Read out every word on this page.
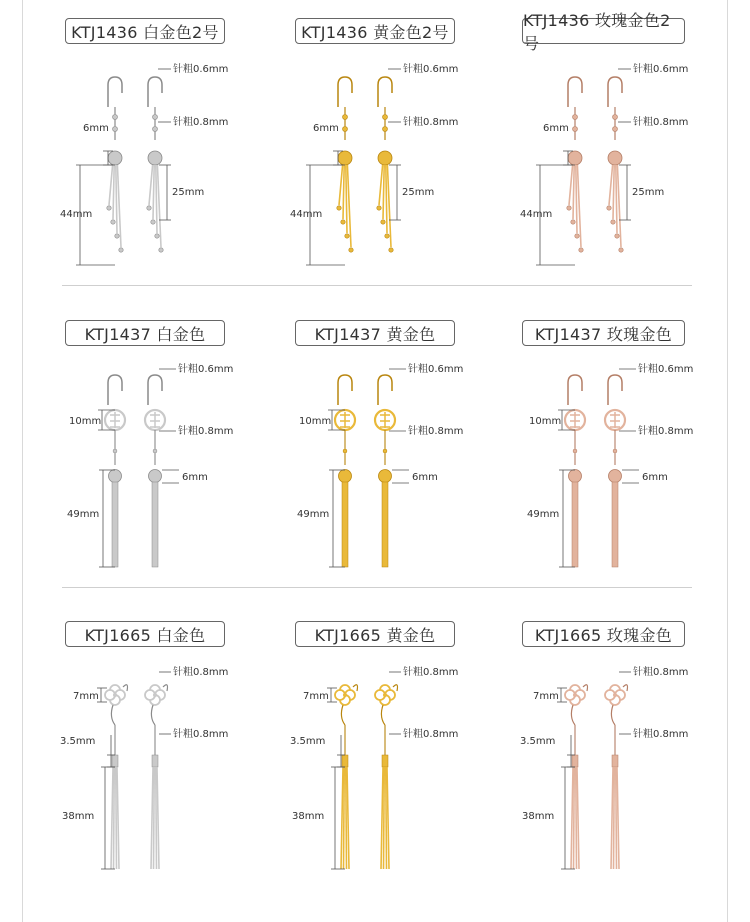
KTJ1436 白金色2号	KTJ1436 黄金色2号
KTJ1436 玫瑰金色2号
针粗0.6mm
针粗0.8mm
6mm
25mm
44mm
针粗0.6mm
针粗0.8mm
6mm
25mm
44mm
针粗0.6mm
针粗0.8mm
6mm
25mm
44mm
KTJ1437 白金色	KTJ1437 黄金色	KTJ1437 玫瑰金色
针粗0.6mm
针粗0.8mm
10mm
6mm
49mm
针粗0.6mm
针粗0.8mm
10mm
6mm
49mm
针粗0.6mm
针粗0.8mm
10mm
6mm
49mm
KTJ1665 白金色	KTJ1665 黄金色	KTJ1665 玫瑰金色
针粗0.8mm
针粗0.8mm
7mm
3.5mm
38mm
针粗0.8mm
针粗0.8mm
7mm
3.5mm
38mm
针粗0.8mm
针粗0.8mm
7mm
3.5mm
38mm
